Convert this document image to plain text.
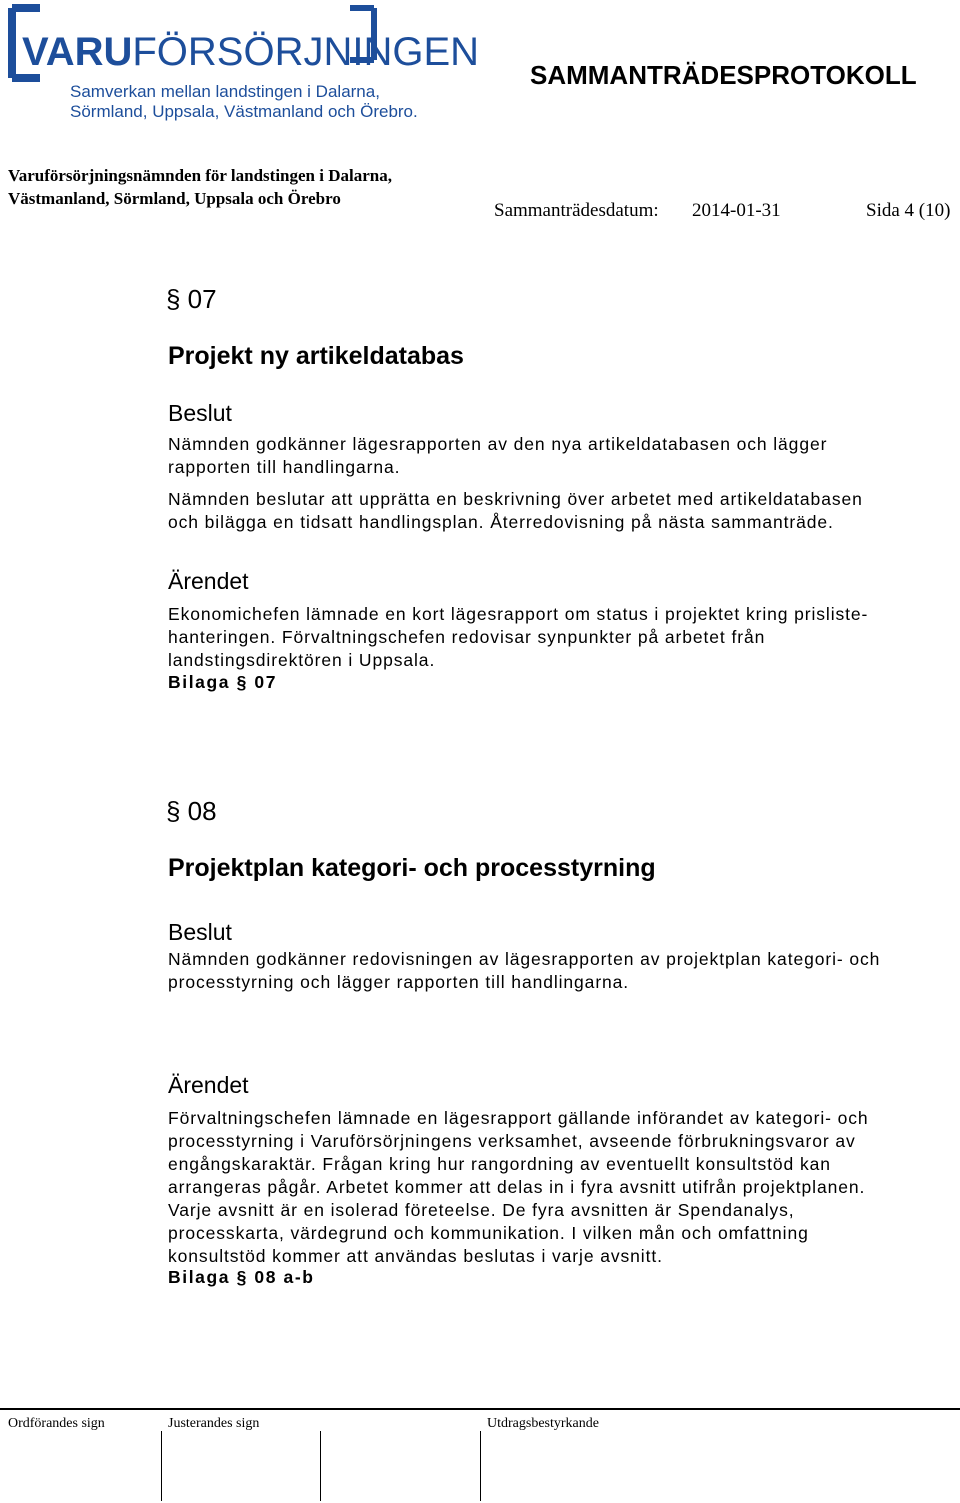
VARUFÖRSÖRJNINGEN
Samverkan mellan landstingen i Dalarna,
Sörmland, Uppsala, Västmanland och Örebro.
SAMMANTRÄDESPROTOKOLL
Varuförsörjningsnämnden för landstingen i Dalarna,
Västmanland, Sörmland, Uppsala och Örebro
Sammanträdesdatum: 2014-01-31	Sida 4 (10)
§ 07
Projekt ny artikeldatabas
Beslut

Nämnden godkänner lägesrapporten av den nya artikeldatabasen och lägger

rapporten till handlingarna.

Nämnden beslutar att upprätta en beskrivning över arbetet med artikeldatabasen

och bilägga en tidsatt handlingsplan. Återredovisning på nästa sammanträde.

Ärendet

Ekonomichefen lämnade en kort lägesrapport om status i projektet kring prisliste-

hanteringen. Förvaltningschefen redovisar synpunkter på arbetet från

landstingsdirektören i Uppsala.

Bilaga § 07
§ 08
Projektplan kategori- och processtyrning
Beslut

Nämnden godkänner redovisningen av lägesrapporten av projektplan kategori- och

processtyrning och lägger rapporten till handlingarna.

Ärendet

Förvaltningschefen lämnade en lägesrapport gällande införandet av kategori- och

processtyrning i Varuförsörjningens verksamhet, avseende förbrukningsvaror av

engångskaraktär. Frågan kring hur rangordning av eventuellt konsultstöd kan

arrangeras pågår. Arbetet kommer att delas in i fyra avsnitt utifrån projektplanen.

Varje avsnitt är en isolerad företeelse. De fyra avsnitten är Spendanalys,

processkarta, värdegrund och kommunikation. I vilken mån och omfattning

konsultstöd kommer att användas beslutas i varje avsnitt.

Bilaga § 08 a-b
Ordförandes sign	Justerandes sign	Utdragsbestyrkande
